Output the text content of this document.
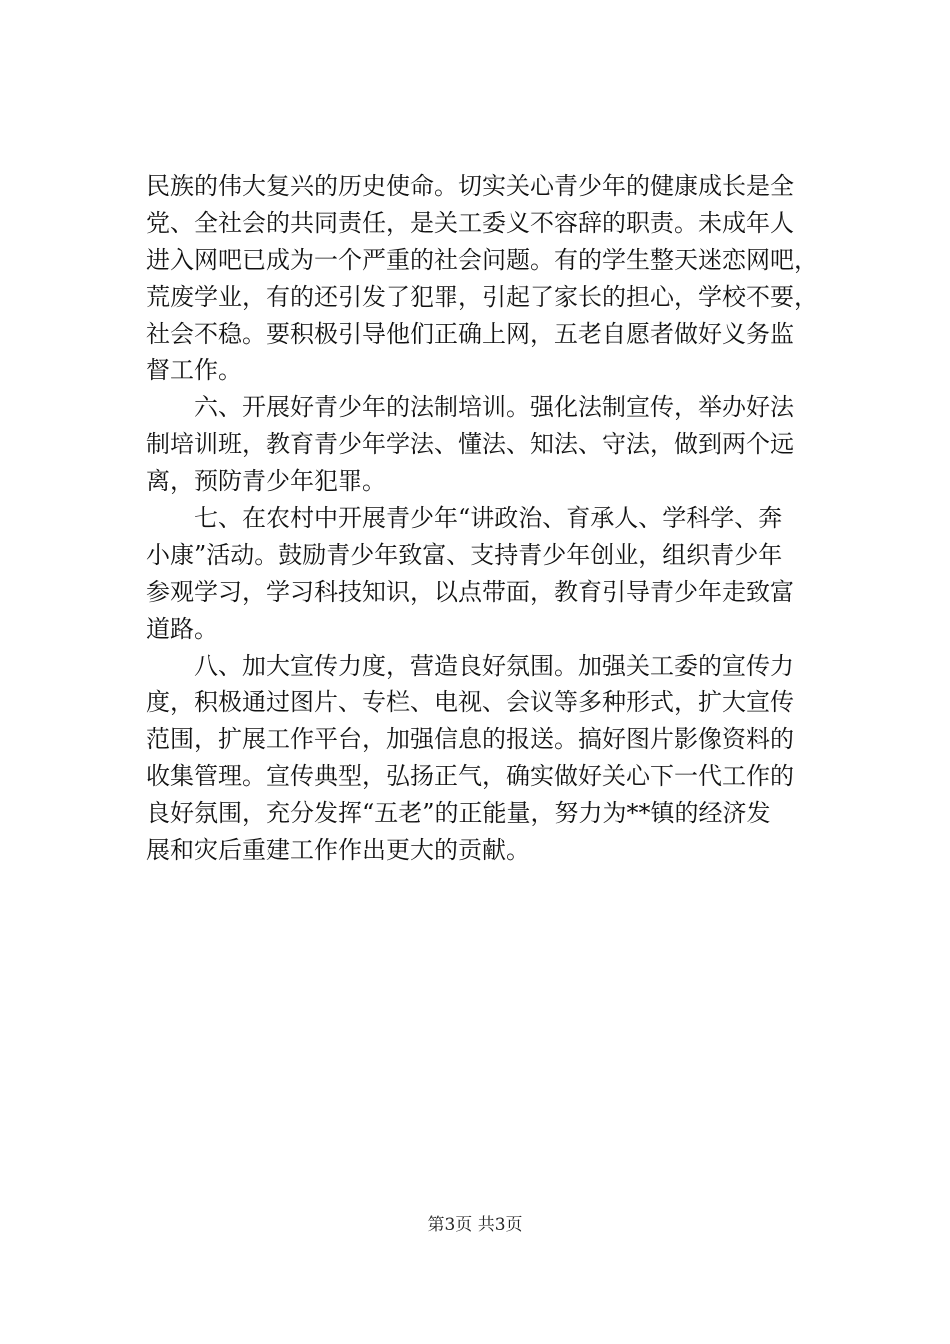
民族的伟大复兴的历史使命。切实关心青少年的健康成长是全
党、全社会的共同责任，是关工委义不容辞的职责。未成年人
进入网吧已成为一个严重的社会问题。有的学生整天迷恋网吧，
荒废学业，有的还引发了犯罪，引起了家长的担心，学校不要，
社会不稳。要积极引导他们正确上网，五老自愿者做好义务监
督工作。
　　六、开展好青少年的法制培训。强化法制宣传，举办好法
制培训班，教育青少年学法、懂法、知法、守法，做到两个远
离，预防青少年犯罪。
　　七、在农村中开展青少年“讲政治、育承人、学科学、奔
小康”活动。鼓励青少年致富、支持青少年创业，组织青少年
参观学习，学习科技知识，以点带面，教育引导青少年走致富
道路。
　　八、加大宣传力度，营造良好氛围。加强关工委的宣传力
度，积极通过图片、专栏、电视、会议等多种形式，扩大宣传
范围，扩展工作平台，加强信息的报送。搞好图片影像资料的
收集管理。宣传典型，弘扬正气，确实做好关心下一代工作的
良好氛围，充分发挥“五老”的正能量，努力为**镇的经济发
展和灾后重建工作作出更大的贡献。
第3页 共3页
